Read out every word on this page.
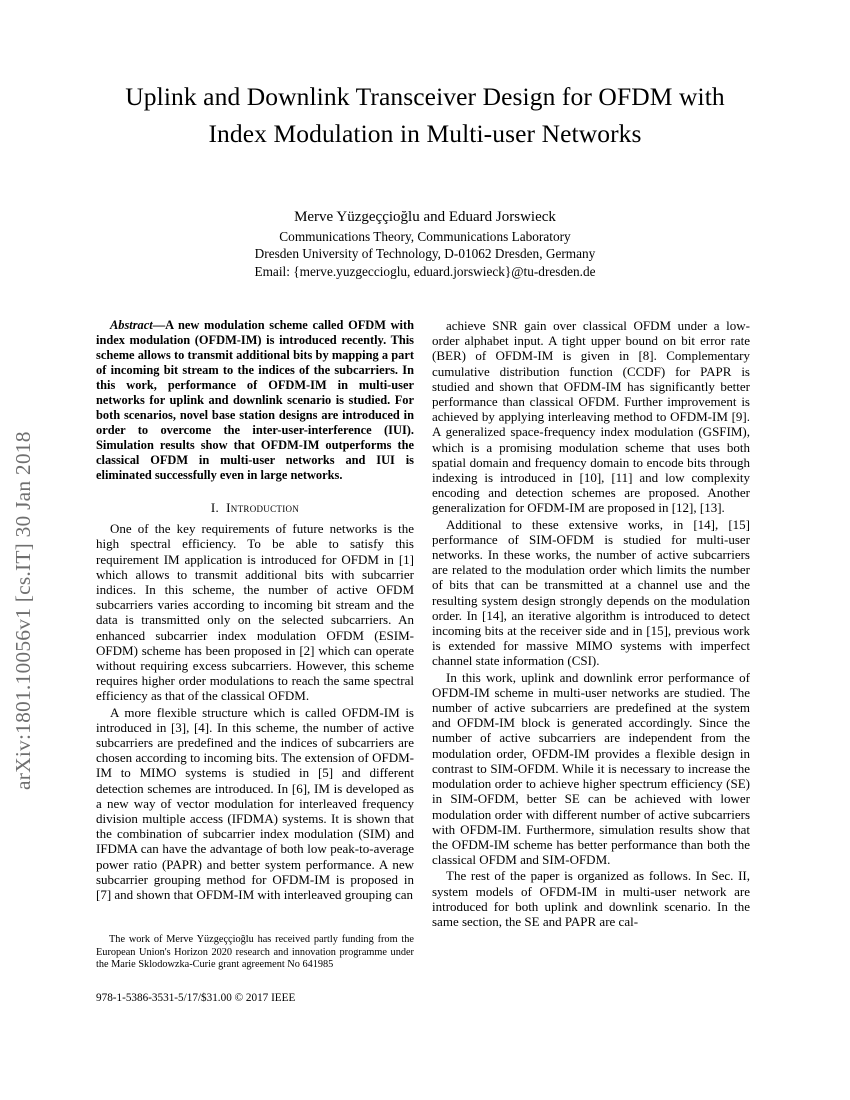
arXiv:1801.10056v1 [cs.IT] 30 Jan 2018
Uplink and Downlink Transceiver Design for OFDM with Index Modulation in Multi-user Networks

Merve Yüzgeççioğlu and Eduard Jorswieck

Communications Theory, Communications Laboratory

Dresden University of Technology, D-01062 Dresden, Germany

Email: {merve.yuzgeccioglu, eduard.jorswieck}@tu-dresden.de

Abstract—A new modulation scheme called OFDM with index modulation (OFDM-IM) is introduced recently. This scheme allows to transmit additional bits by mapping a part of incoming bit stream to the indices of the subcarriers. In this work, performance of OFDM-IM in multi-user networks for uplink and downlink scenario is studied. For both scenarios, novel base station designs are introduced in order to overcome the inter-user-interference (IUI). Simulation results show that OFDM-IM outperforms the classical OFDM in multi-user networks and IUI is eliminated successfully even in large networks.

I. Introduction

One of the key requirements of future networks is the high spectral efficiency. To be able to satisfy this requirement IM application is introduced for OFDM in [1] which allows to transmit additional bits with subcarrier indices. In this scheme, the number of active OFDM subcarriers varies according to incoming bit stream and the data is transmitted only on the selected subcarriers. An enhanced subcarrier index modulation OFDM (ESIM-OFDM) scheme has been proposed in [2] which can operate without requiring excess subcarriers. However, this scheme requires higher order modulations to reach the same spectral efficiency as that of the classical OFDM.

A more flexible structure which is called OFDM-IM is introduced in [3], [4]. In this scheme, the number of active subcarriers are predefined and the indices of subcarriers are chosen according to incoming bits. The extension of OFDM-IM to MIMO systems is studied in [5] and different detection schemes are introduced. In [6], IM is developed as a new way of vector modulation for interleaved frequency division multiple access (IFDMA) systems. It is shown that the combination of subcarrier index modulation (SIM) and IFDMA can have the advantage of both low peak-to-average power ratio (PAPR) and better system performance. A new subcarrier grouping method for OFDM-IM is proposed in [7] and shown that OFDM-IM with interleaved grouping can

achieve SNR gain over classical OFDM under a low-order alphabet input. A tight upper bound on bit error rate (BER) of OFDM-IM is given in [8]. Complementary cumulative distribution function (CCDF) for PAPR is studied and shown that OFDM-IM has significantly better performance than classical OFDM. Further improvement is achieved by applying interleaving method to OFDM-IM [9]. A generalized space-frequency index modulation (GSFIM), which is a promising modulation scheme that uses both spatial domain and frequency domain to encode bits through indexing is introduced in [10], [11] and low complexity encoding and detection schemes are proposed. Another generalization for OFDM-IM are proposed in [12], [13].

Additional to these extensive works, in [14], [15] performance of SIM-OFDM is studied for multi-user networks. In these works, the number of active subcarriers are related to the modulation order which limits the number of bits that can be transmitted at a channel use and the resulting system design strongly depends on the modulation order. In [14], an iterative algorithm is introduced to detect incoming bits at the receiver side and in [15], previous work is extended for massive MIMO systems with imperfect channel state information (CSI).

In this work, uplink and downlink error performance of OFDM-IM scheme in multi-user networks are studied. The number of active subcarriers are predefined at the system and OFDM-IM block is generated accordingly. Since the number of active subcarriers are independent from the modulation order, OFDM-IM provides a flexible design in contrast to SIM-OFDM. While it is necessary to increase the modulation order to achieve higher spectrum efficiency (SE) in SIM-OFDM, better SE can be achieved with lower modulation order with different number of active subcarriers with OFDM-IM. Furthermore, simulation results show that the OFDM-IM scheme has better performance than both the classical OFDM and SIM-OFDM.

The rest of the paper is organized as follows. In Sec. II, system models of OFDM-IM in multi-user network are introduced for both uplink and downlink scenario. In the same section, the SE and PAPR are cal-

The work of Merve Yüzgeççioğlu has received partly funding from the European Union's Horizon 2020 research and innovation programme under the Marie Sklodowzka-Curie grant agreement No 641985

978-1-5386-3531-5/17/$31.00 © 2017 IEEE
